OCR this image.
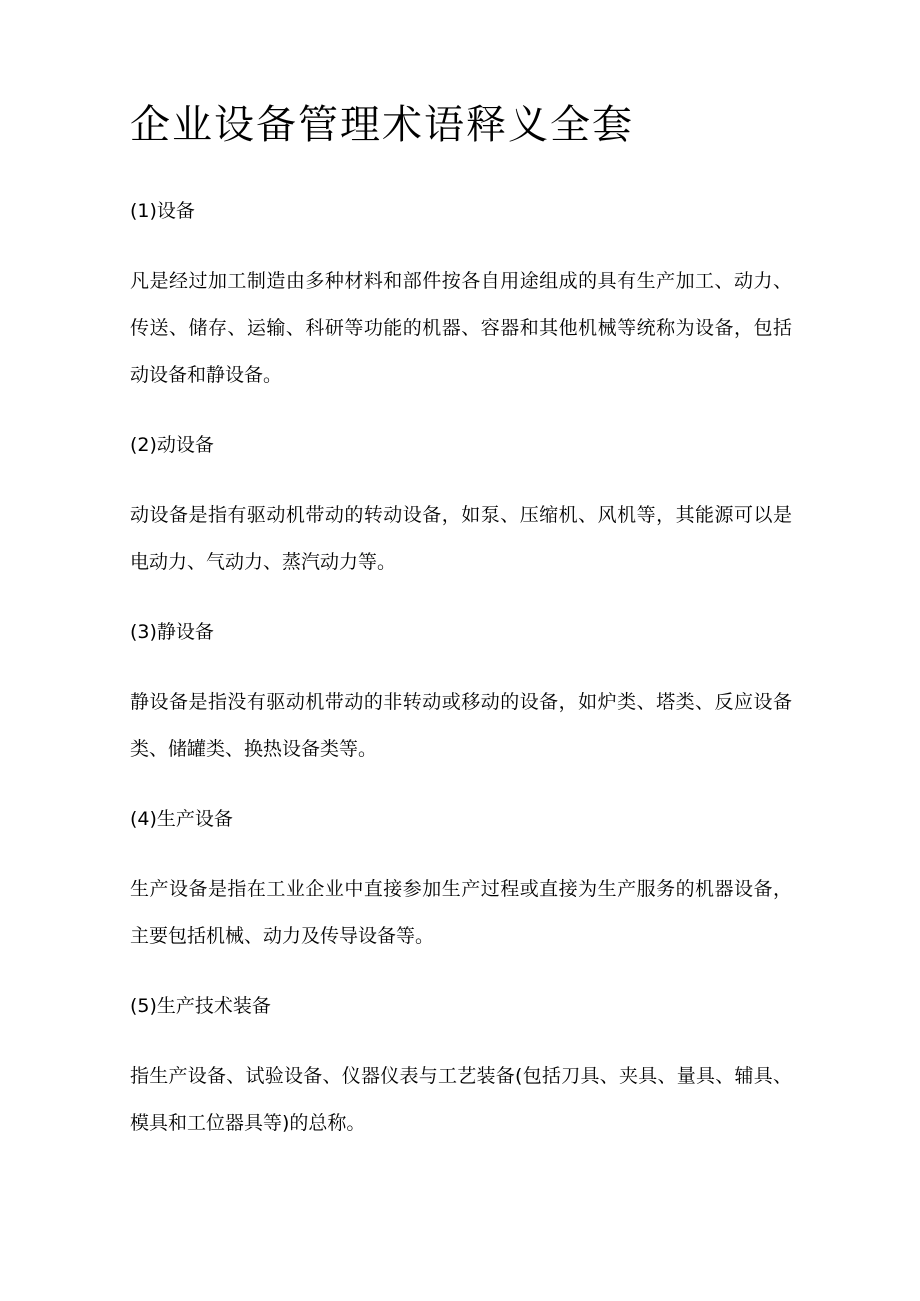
企业设备管理术语释义全套

(1)设备

凡是经过加工制造由多种材料和部件按各自用途组成的具有生产加工、动力、传送、储存、运输、科研等功能的机器、容器和其他机械等统称为设备，包括动设备和静设备。

(2)动设备

动设备是指有驱动机带动的转动设备，如泵、压缩机、风机等，其能源可以是电动力、气动力、蒸汽动力等。

(3)静设备

静设备是指没有驱动机带动的非转动或移动的设备，如炉类、塔类、反应设备类、储罐类、换热设备类等。

(4)生产设备

生产设备是指在工业企业中直接参加生产过程或直接为生产服务的机器设备，主要包括机械、动力及传导设备等。

(5)生产技术装备

指生产设备、试验设备、仪器仪表与工艺装备(包括刀具、夹具、量具、辅具、模具和工位器具等)的总称。
